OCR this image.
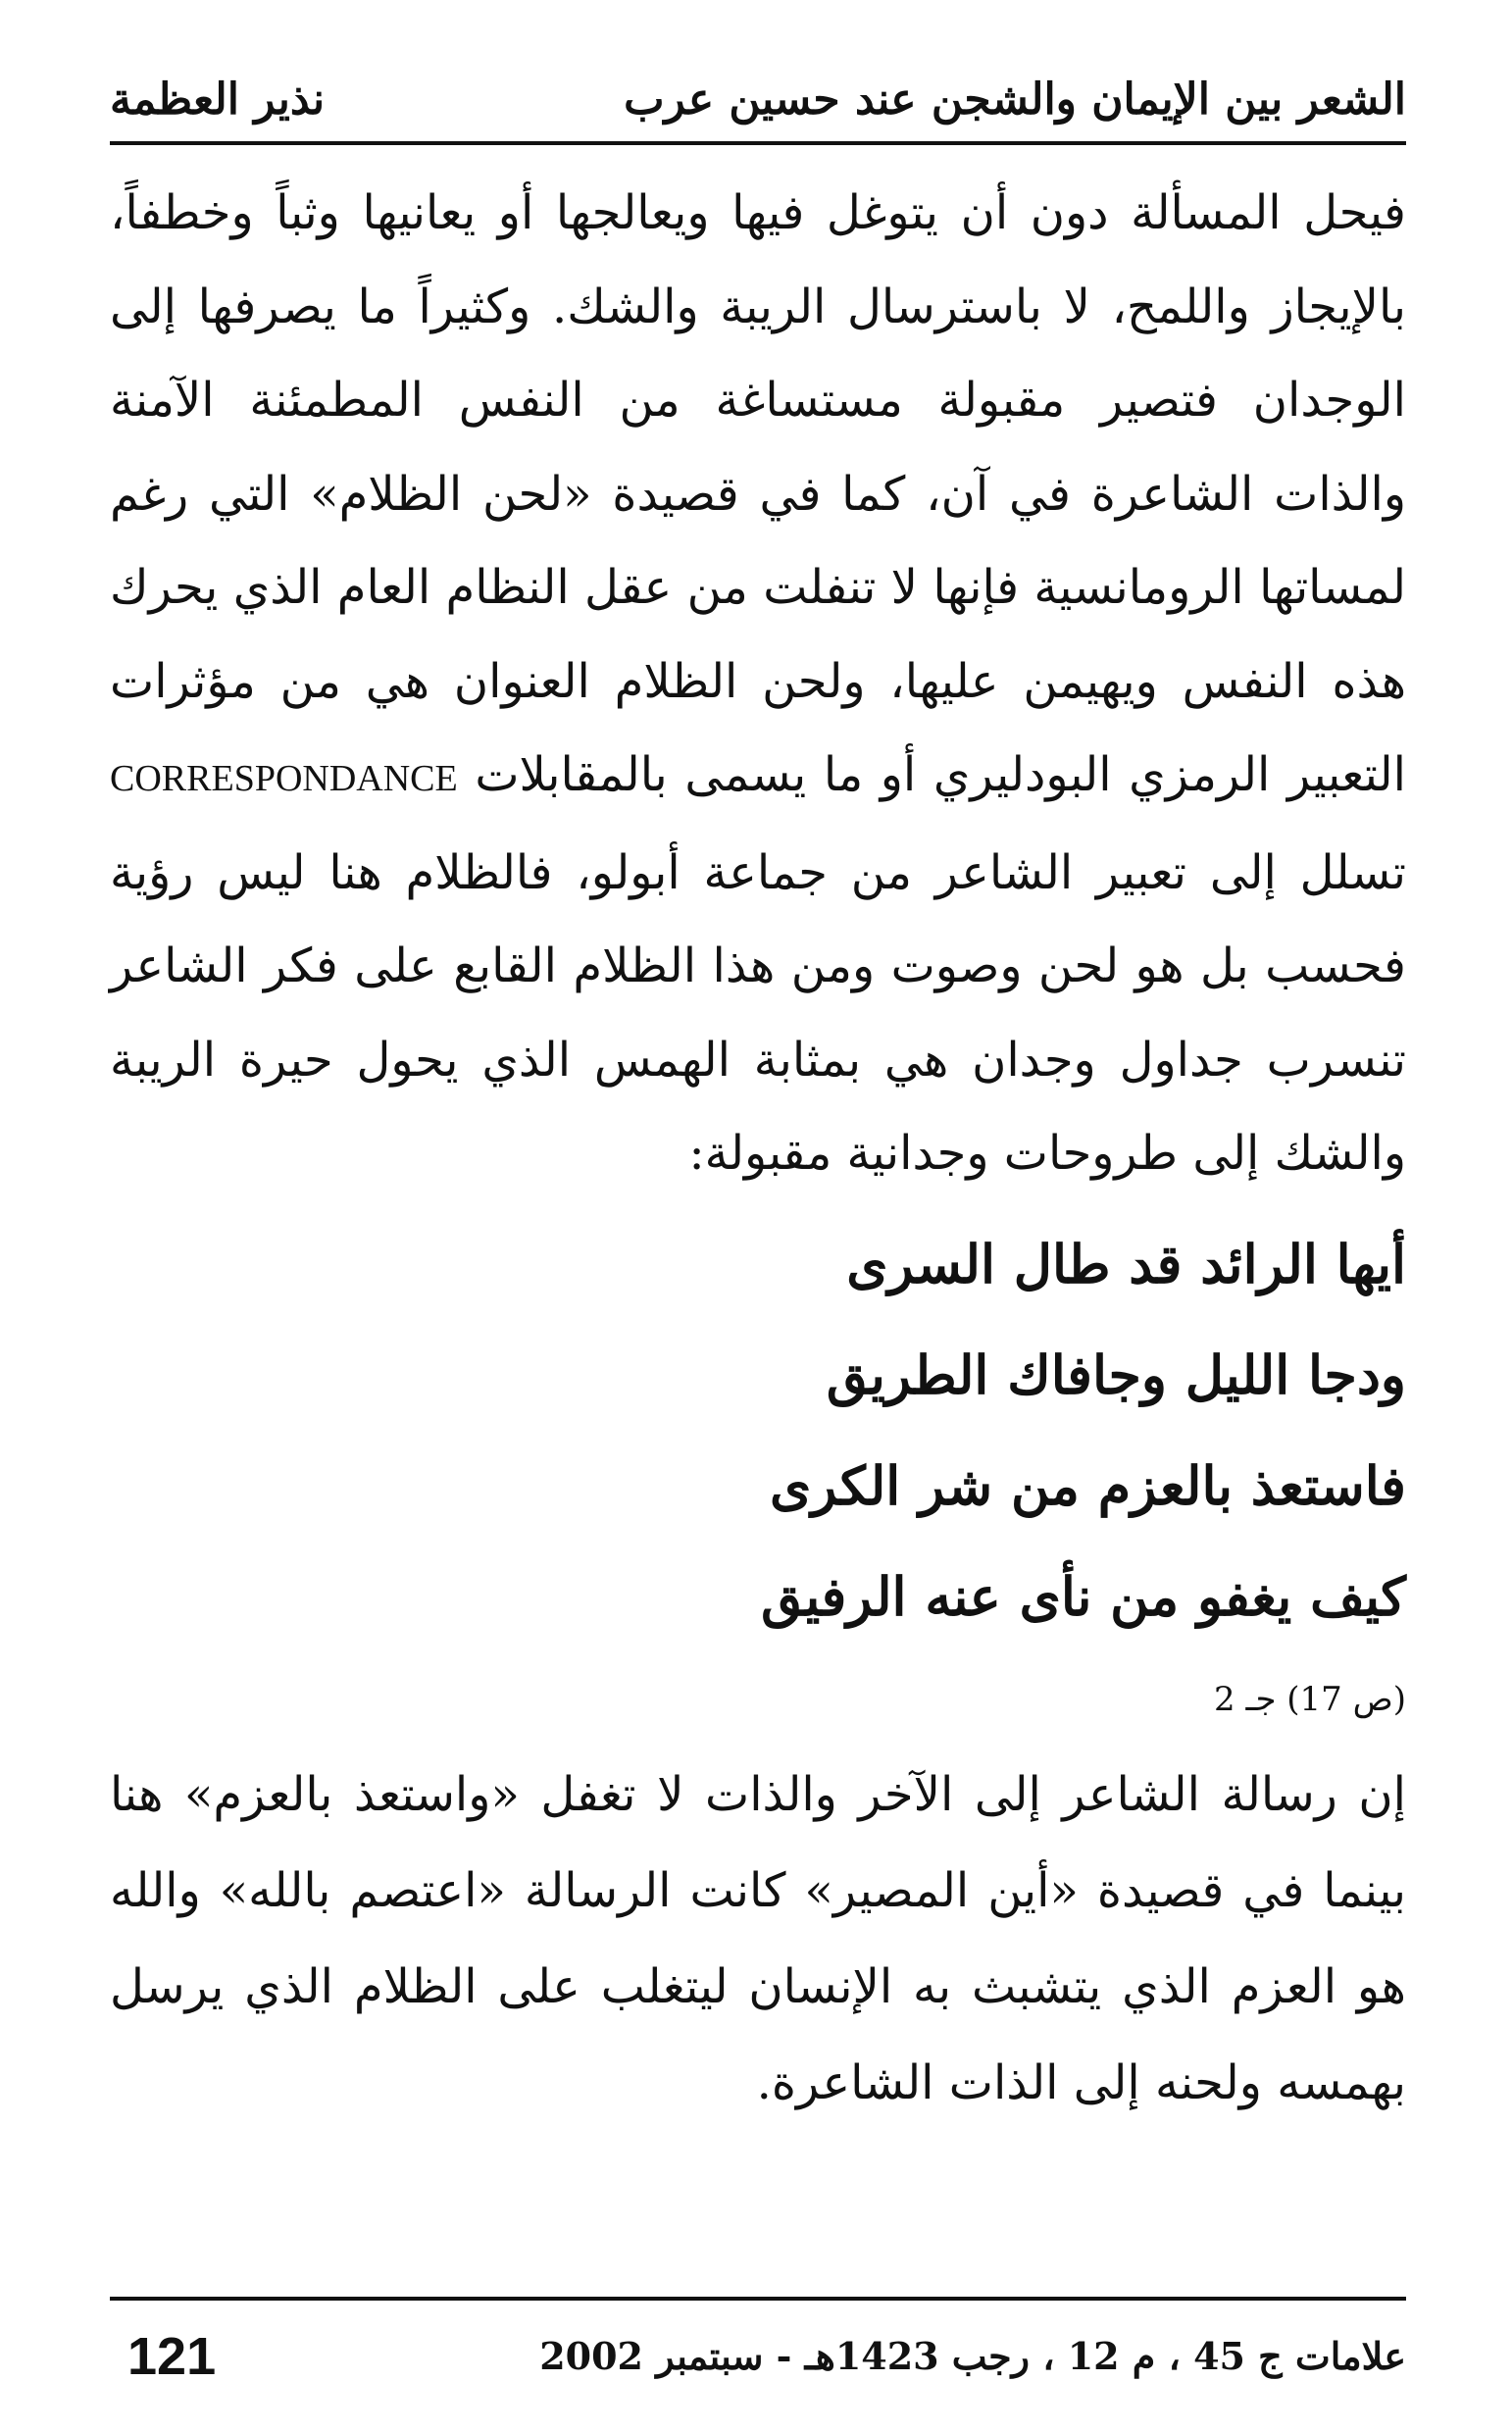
الشعر بين الإيمان والشجن عند حسين عرب
نذير العظمة

فيحل المسألة دون أن يتوغل فيها ويعالجها أو يعانيها وثباً وخطفاً، بالإيجاز واللمح، لا باسترسال الريبة والشك. وكثيراً ما يصرفها إلى الوجدان فتصير مقبولة مستساغة من النفس المطمئنة الآمنة والذات الشاعرة في آن، كما في قصيدة «لحن الظلام» التي رغم لمساتها الرومانسية فإنها لا تنفلت من عقل النظام العام الذي يحرك هذه النفس ويهيمن عليها، ولحن الظلام العنوان هي من مؤثرات التعبير الرمزي البودليري أو ما يسمى بالمقابلات CORRESPONDANCE تسلل إلى تعبير الشاعر من جماعة أبولو، فالظلام هنا ليس رؤية فحسب بل هو لحن وصوت ومن هذا الظلام القابع على فكر الشاعر تنسرب جداول وجدان هي بمثابة الهمس الذي يحول حيرة الريبة والشك إلى طروحات وجدانية مقبولة:

أيها الرائد قد طال السرى

ودجا الليل وجافاك الطريق

فاستعذ بالعزم من شر الكرى

كيف يغفو من نأى عنه الرفيق

(ص 17) جـ 2

إن رسالة الشاعر إلى الآخر والذات لا تغفل «واستعذ بالعزم» هنا بينما في قصيدة «أين المصير» كانت الرسالة «اعتصم بالله» والله هو العزم الذي يتشبث به الإنسان ليتغلب على الظلام الذي يرسل بهمسه ولحنه إلى الذات الشاعرة.

علامات ج 45 ، م 12 ، رجب 1423هـ - سبتمبر 2002
121
